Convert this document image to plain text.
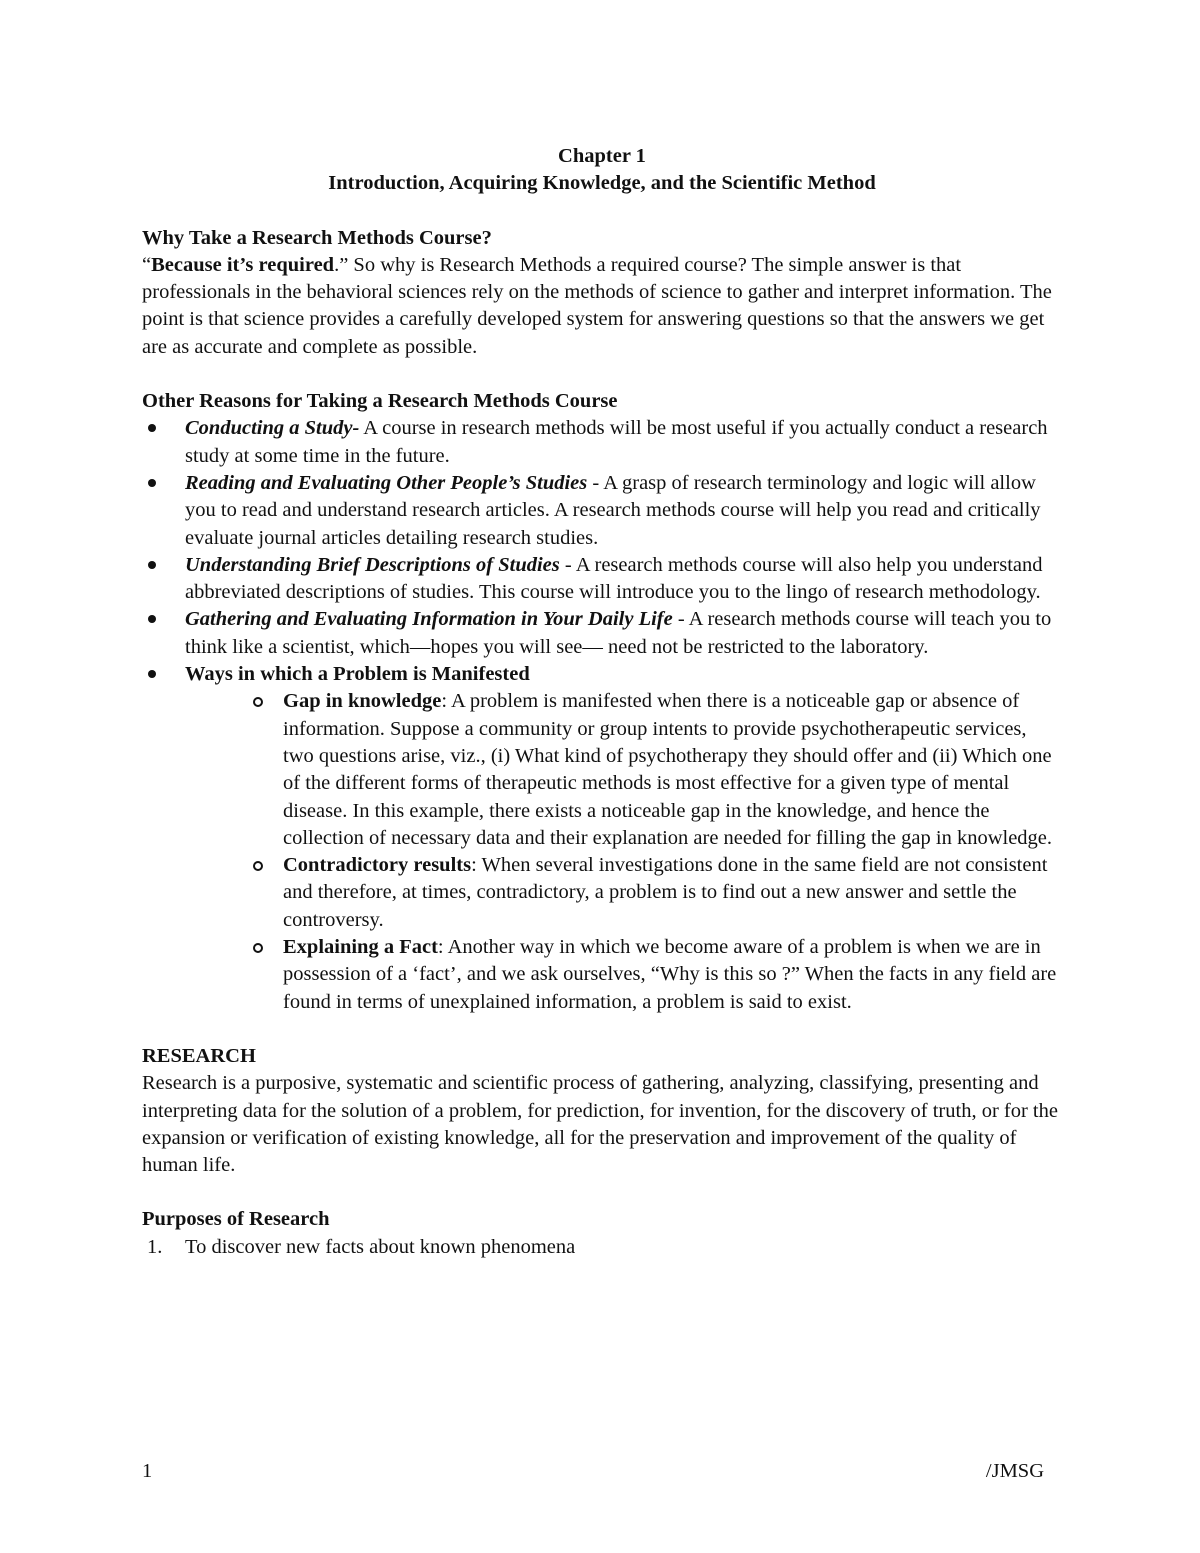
Chapter 1

Introduction, Acquiring Knowledge, and the Scientific Method

Why Take a Research Methods Course?

“Because it’s required.” So why is Research Methods a required course? The simple answer is that professionals in the behavioral sciences rely on the methods of science to gather and interpret information. The point is that science provides a carefully developed system for answering questions so that the answers we get are as accurate and complete as possible.

Other Reasons for Taking a Research Methods Course
Conducting a Study- A course in research methods will be most useful if you actually conduct a research study at some time in the future.
Reading and Evaluating Other People’s Studies - A grasp of research terminology and logic will allow you to read and understand research articles. A research methods course will help you read and critically evaluate journal articles detailing research studies.
Understanding Brief Descriptions of Studies - A research methods course will also help you understand abbreviated descriptions of studies. This course will introduce you to the lingo of research methodology.
Gathering and Evaluating Information in Your Daily Life - A research methods course will teach you to think like a scientist, which—hopes you will see— need not be restricted to the laboratory.
Ways in which a Problem is Manifested
Gap in knowledge: A problem is manifested when there is a noticeable gap or absence of information. Suppose a community or group intents to provide psychotherapeutic services, two questions arise, viz., (i) What kind of psychotherapy they should offer and (ii) Which one of the different forms of therapeutic methods is most effective for a given type of mental disease. In this example, there exists a noticeable gap in the knowledge, and hence the collection of necessary data and their explanation are needed for filling the gap in knowledge.
Contradictory results: When several investigations done in the same field are not consistent and therefore, at times, contradictory, a problem is to find out a new answer and settle the controversy.
Explaining a Fact: Another way in which we become aware of a problem is when we are in possession of a ‘fact’, and we ask ourselves, “Why is this so ?” When the facts in any field are found in terms of unexplained information, a problem is said to exist.
RESEARCH

Research is a purposive, systematic and scientific process of gathering, analyzing, classifying, presenting and interpreting data for the solution of a problem, for prediction, for invention, for the discovery of truth, or for the expansion or verification of existing knowledge, all for the preservation and improvement of the quality of human life.

Purposes of Research
1. To discover new facts about known phenomena
1	/JMSG
